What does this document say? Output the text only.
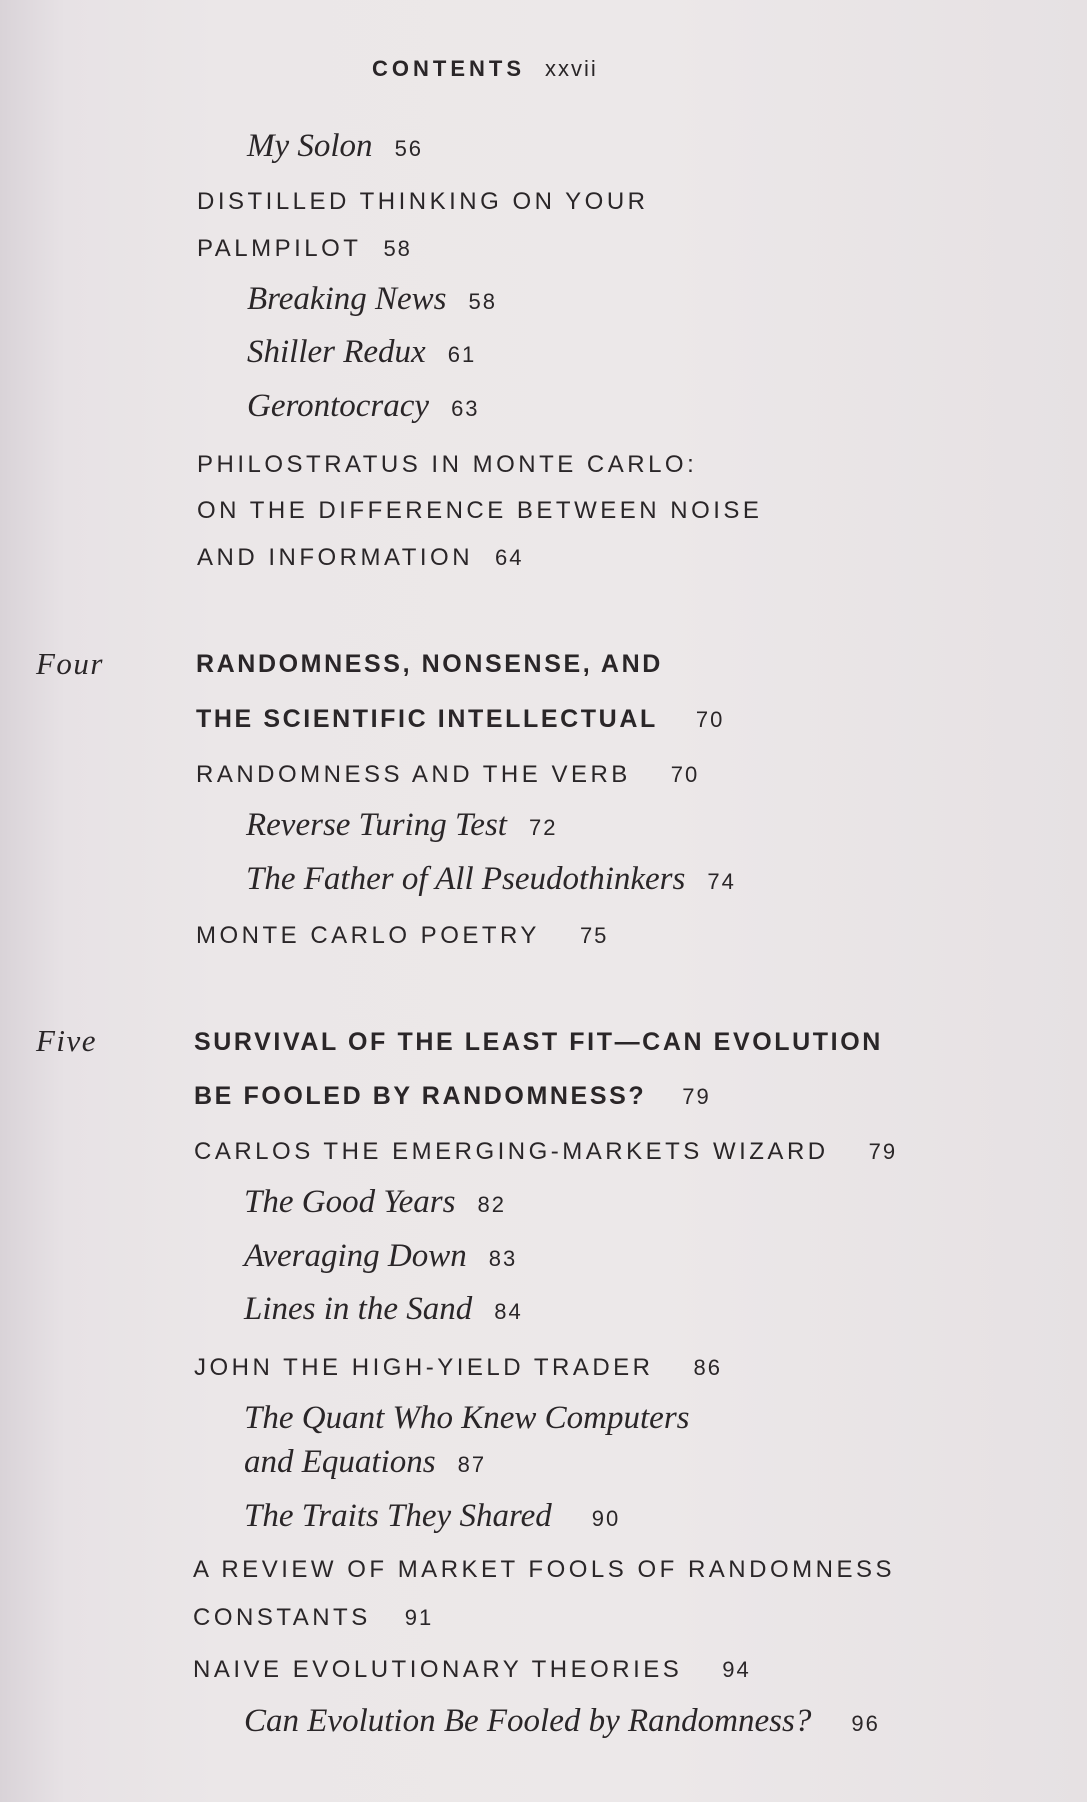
CONTENTS xxvii
My Solon 56
DISTILLED THINKING ON YOUR
PALMPILOT 58
Breaking News 58
Shiller Redux 61
Gerontocracy 63
PHILOSTRATUS IN MONTE CARLO:
ON THE DIFFERENCE BETWEEN NOISE
AND INFORMATION 64
Four	RANDOMNESS, NONSENSE, AND
THE SCIENTIFIC INTELLECTUAL 70
RANDOMNESS AND THE VERB 70
Reverse Turing Test 72
The Father of All Pseudothinkers 74
MONTE CARLO POETRY 75
Five	SURVIVAL OF THE LEAST FIT—CAN EVOLUTION
BE FOOLED BY RANDOMNESS? 79
CARLOS THE EMERGING-MARKETS WIZARD 79
The Good Years 82
Averaging Down 83
Lines in the Sand 84
JOHN THE HIGH-YIELD TRADER 86
The Quant Who Knew Computers
and Equations 87
The Traits They Shared 90
A REVIEW OF MARKET FOOLS OF RANDOMNESS
CONSTANTS 91
NAIVE EVOLUTIONARY THEORIES 94
Can Evolution Be Fooled by Randomness? 96
